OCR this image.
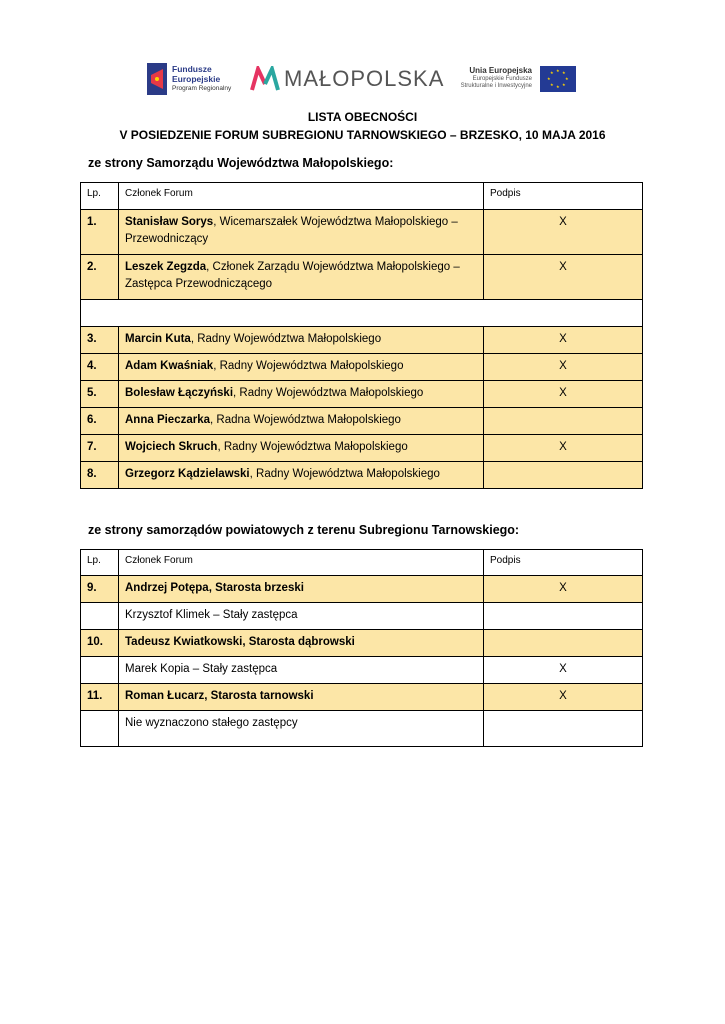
Fundusze
Europejskie
Program Regionalny MAŁOPOLSKA	Unia Europejska
Europejskie Fundusze
Strukturalne i Inwestycyjne
★ ★
★
★
★
★
★
★
LISTA OBECNOŚCI
V POSIEDZENIE FORUM SUBREGIONU TARNOWSKIEGO – BRZESKO, 10 MAJA 2016
ze strony Samorządu Województwa Małopolskiego:
Lp.	Członek Forum	Podpis
1.	Stanisław Sorys, Wicemarszałek Województwa Małopolskiego – Przewodniczący	X
2.	Leszek Zegzda, Członek Zarządu Województwa Małopolskiego – Zastępca Przewodniczącego	X

3.	Marcin Kuta, Radny Województwa Małopolskiego	X
4.	Adam Kwaśniak, Radny Województwa Małopolskiego	X
5.	Bolesław Łączyński, Radny Województwa Małopolskiego	X
6.	Anna Pieczarka, Radna Województwa Małopolskiego	
7.	Wojciech Skruch, Radny Województwa Małopolskiego	X
8.	Grzegorz Kądzielawski, Radny Województwa Małopolskiego	
ze strony samorządów powiatowych z terenu Subregionu Tarnowskiego:
Lp.	Członek Forum	Podpis
9.	Andrzej Potępa, Starosta brzeski	X
	Krzysztof Klimek – Stały zastępca	
10.	Tadeusz Kwiatkowski, Starosta dąbrowski	
	Marek Kopia – Stały zastępca	X
11.	Roman Łucarz, Starosta tarnowski	X
	Nie wyznaczono stałego zastępcy	
